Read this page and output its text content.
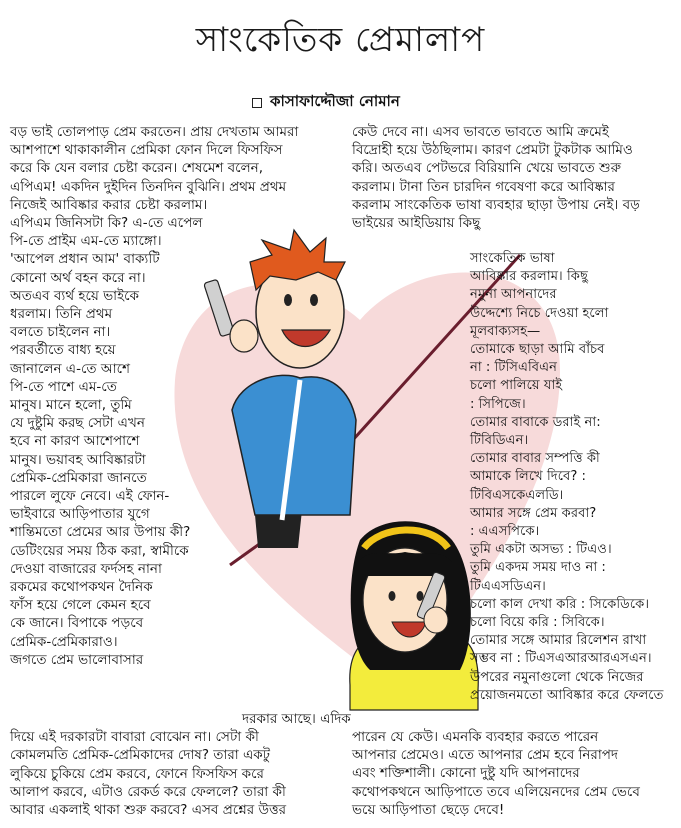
সাংকেতিক প্রেমালাপ
কাসাফাদ্দৌজা নোমান
বড় ভাই তোলপাড় প্রেম করতেন। প্রায় দেখতাম আমরা
আশপাশে থাকাকালীন প্রেমিকা ফোন দিলে ফিসফিস
করে কি যেন বলার চেষ্টা করেন। শেষমেশ বলেন,
এপিএম! একদিন দুইদিন তিনদিন বুঝিনি। প্রথম প্রথম
নিজেই আবিষ্কার করার চেষ্টা করলাম।
এপিএম জিনিসটা কি? এ-তে এপেল
পি-তে প্রাইম এম-তে ম্যাঙ্গো।
'আপেল প্রধান আম' বাক্যটি
কোনো অর্থ বহন করে না।
অতএব ব্যর্থ হয়ে ভাইকে
ধরলাম। তিনি প্রথম
বলতে চাইলেন না।
পরবর্তীতে বাধ্য হয়ে
জানালেন এ-তে আশে
পি-তে পাশে এম-তে
মানুষ। মানে হলো, তুমি
যে দুষ্টুমি করছ সেটা এখন
হবে না কারণ আশেপাশে
মানুষ। ভয়াবহ আবিষ্কারটা
প্রেমিক-প্রেমিকারা জানতে
পারলে লুফে নেবে। এই ফোন-
ভাইবারে আড়িপাতার যুগে
শান্তিমতো প্রেমের আর উপায় কী?
ডেটিংয়ের সময় ঠিক করা, স্বামীকে
দেওয়া বাজারের ফর্দসহ নানা
রকমের কথোপকথন দৈনিক
ফাঁস হয়ে গেলে কেমন হবে
কে জানে। বিপাকে পড়বে
প্রেমিক-প্রেমিকারাও।
জগতে প্রেম ভালোবাসার
কেউ দেবে না। এসব ভাবতে ভাবতে আমি ক্রমেই
বিদ্রোহী হয়ে উঠছিলাম। কারণ প্রেমটা টুকটাক আমিও
করি। অতএব পেটভরে বিরিয়ানি খেয়ে ভাবতে শুরু
করলাম। টানা তিন চারদিন গবেষণা করে আবিষ্কার
করলাম সাংকেতিক ভাষা ব্যবহার ছাড়া উপায় নেই। বড়
ভাইয়ের আইডিয়ায় কিছু
সাংকেতিক ভাষা
আবিষ্কার করলাম। কিছু
নমুনা আপনাদের
উদ্দেশ্যে নিচে দেওয়া হলো
মূলবাক্যসহ—
তোমাকে ছাড়া আমি বাঁচব
না : টিসিএবিএন
চলো পালিয়ে যাই
: সিপিজে।
তোমার বাবাকে ডরাই না:
টিবিডিএন।
তোমার বাবার সম্পত্তি কী
আমাকে লিখে দিবে? :
টিবিএসকেএলডি।
আমার সঙ্গে প্রেম করবা?
: এএসপিকে।
তুমি একটা অসভ্য : টিএও।
তুমি একদম সময় দাও না :
টিএএসডিএন।
চলো কাল দেখা করি : সিকেডিকে।
চলো বিয়ে করি : সিবিকে।
তোমার সঙ্গে আমার রিলেশন রাখা
সম্ভব না : টিএসএআরআরএসএন।
উপরের নমুনাগুলো থেকে নিজের
প্রয়োজনমতো আবিষ্কার করে ফেলতে
দরকার আছে। এদিক
দিয়ে এই দরকারটা বাবারা বোঝেন না। সেটা কী
কোমলমতি প্রেমিক-প্রেমিকাদের দোষ? তারা একটু
লুকিয়ে চুকিয়ে প্রেম করবে, ফোনে ফিসফিস করে
আলাপ করবে, এটাও রেকর্ড করে ফেললে? তারা কী
আবার একলাই থাকা শুরু করবে? এসব প্রশ্নের উত্তর
পারেন যে কেউ। এমনকি ব্যবহার করতে পারেন
আপনার প্রেমেও। এতে আপনার প্রেম হবে নিরাপদ
এবং শক্তিশালী। কোনো দুষ্টু যদি আপনাদের
কথোপকথনে আড়িপাতে তবে এলিয়েনদের প্রেম ভেবে
ভয়ে আড়িপাতা ছেড়ে দেবে!
